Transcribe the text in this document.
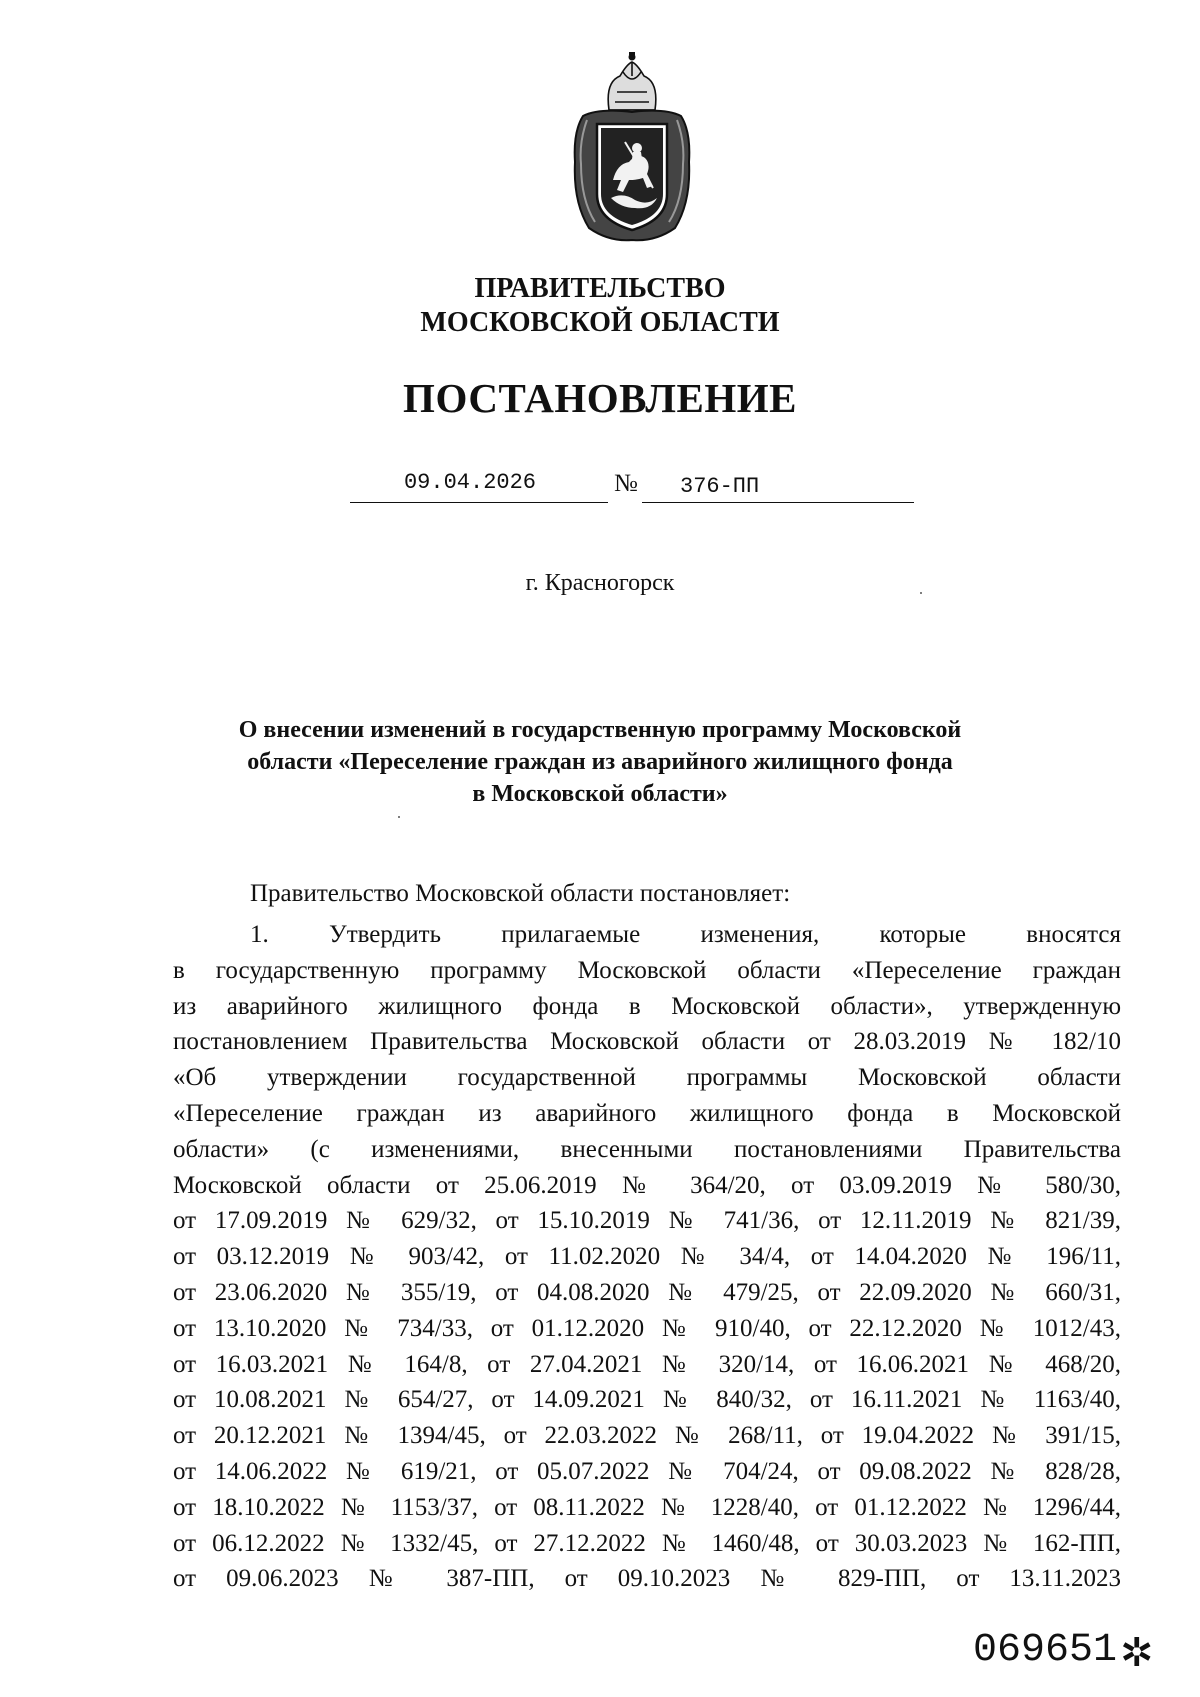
ПРАВИТЕЛЬСТВО
МОСКОВСКОЙ ОБЛАСТИ
ПОСТАНОВЛЕНИЕ
09.04.2026	№ 376-ПП
г. Красногорск
О внесении изменений в государственную программу Московской
области «Переселение граждан из аварийного жилищного фонда
в Московской области»
Правительство Московской области постановляет:
1. Утвердить прилагаемые изменения, которые вносятся
в государственную программу Московской области «Переселение граждан
из аварийного жилищного фонда в Московской области», утвержденную
постановлением Правительства Московской области от 28.03.2019 № 182/10
«Об утверждении государственной программы Московской области
«Переселение граждан из аварийного жилищного фонда в Московской
области» (с изменениями, внесенными постановлениями Правительства
Московской области от 25.06.2019 № 364/20, от 03.09.2019 № 580/30,
от 17.09.2019 № 629/32, от 15.10.2019 № 741/36, от 12.11.2019 № 821/39,
от 03.12.2019 № 903/42, от 11.02.2020 № 34/4, от 14.04.2020 № 196/11,
от 23.06.2020 № 355/19, от 04.08.2020 № 479/25, от 22.09.2020 № 660/31,
от 13.10.2020 № 734/33, от 01.12.2020 № 910/40, от 22.12.2020 № 1012/43,
от 16.03.2021 № 164/8, от 27.04.2021 № 320/14, от 16.06.2021 № 468/20,
от 10.08.2021 № 654/27, от 14.09.2021 № 840/32, от 16.11.2021 № 1163/40,
от 20.12.2021 № 1394/45, от 22.03.2022 № 268/11, от 19.04.2022 № 391/15,
от 14.06.2022 № 619/21, от 05.07.2022 № 704/24, от 09.08.2022 № 828/28,
от 18.10.2022 № 1153/37, от 08.11.2022 № 1228/40, от 01.12.2022 № 1296/44,
от 06.12.2022 № 1332/45, от 27.12.2022 № 1460/48, от 30.03.2023 № 162-ПП,
от 09.06.2023 № 387-ПП, от 09.10.2023 № 829-ПП, от 13.11.2023
069651 ✲
